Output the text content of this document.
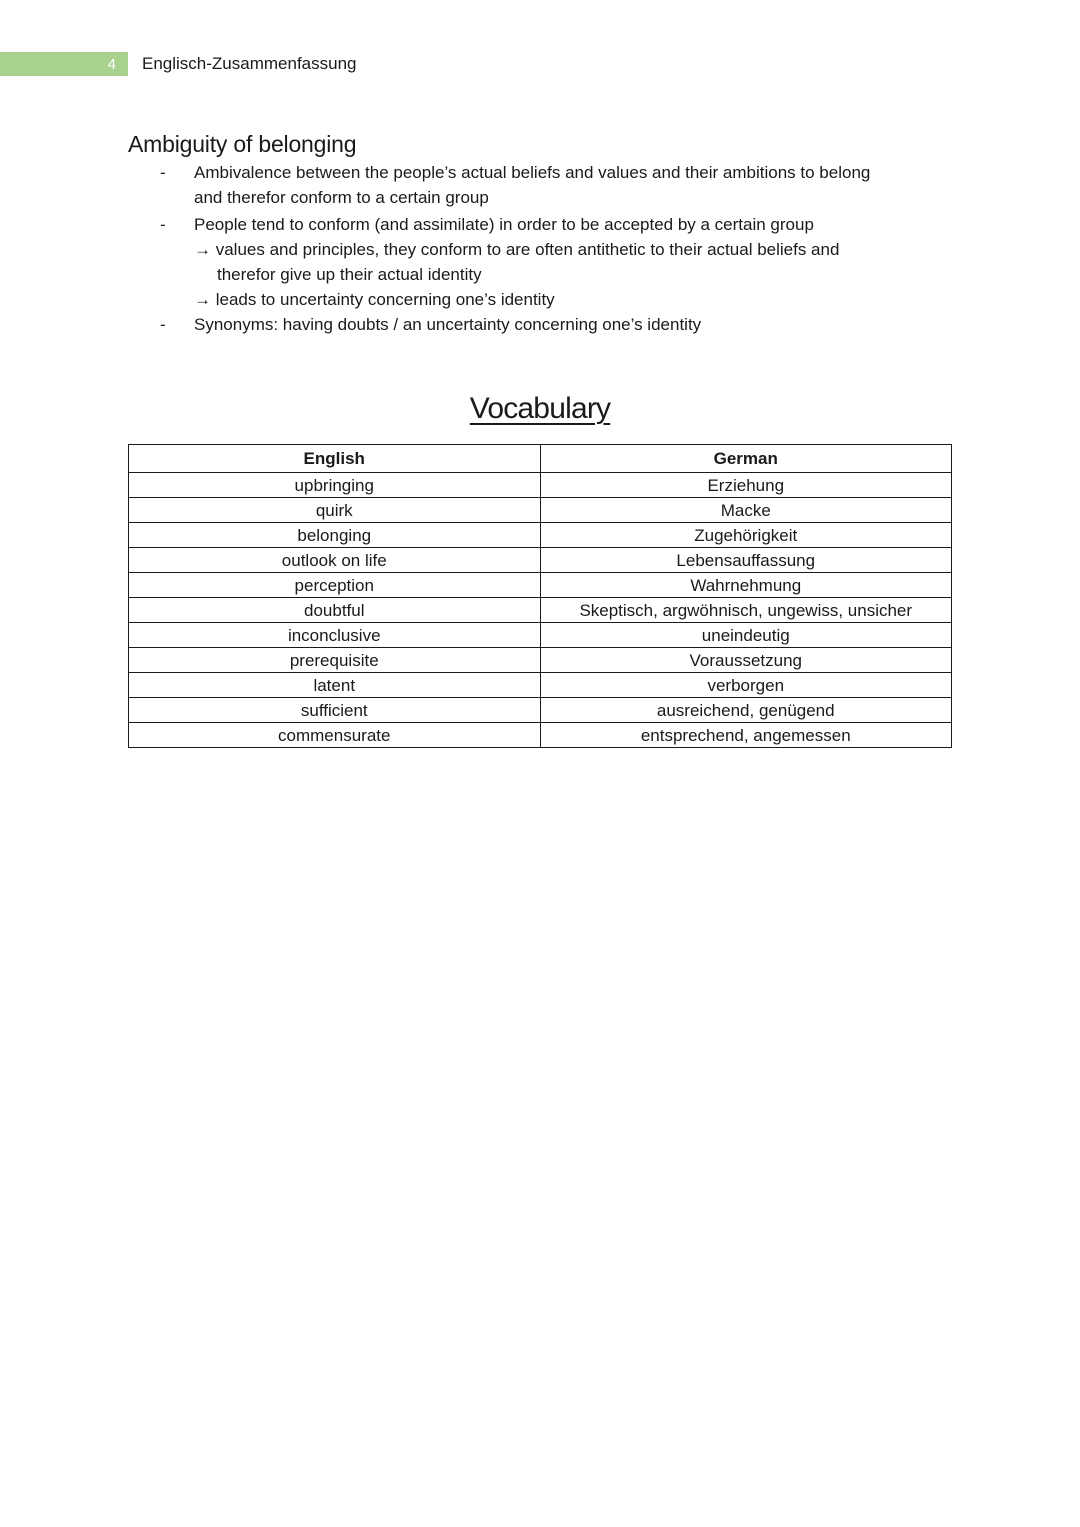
4	Englisch-Zusammenfassung
Ambiguity of belonging
- Ambivalence between the people’s actual beliefs and values and their ambitions to belong
and therefor conform to a certain group
- People tend to conform (and assimilate) in order to be accepted by a certain group
→ values and principles, they conform to are often antithetic to their actual beliefs and
therefor give up their actual identity
→ leads to uncertainty concerning one’s identity
- Synonyms: having doubts / an uncertainty concerning one’s identity
Vocabulary
English	German
upbringing	Erziehung
quirk	Macke
belonging	Zugehörigkeit
outlook on life	Lebensauffassung
perception	Wahrnehmung
doubtful	Skeptisch, argwöhnisch, ungewiss, unsicher
inconclusive	uneindeutig
prerequisite	Voraussetzung
latent	verborgen
sufficient	ausreichend, genügend
commensurate	entsprechend, angemessen
